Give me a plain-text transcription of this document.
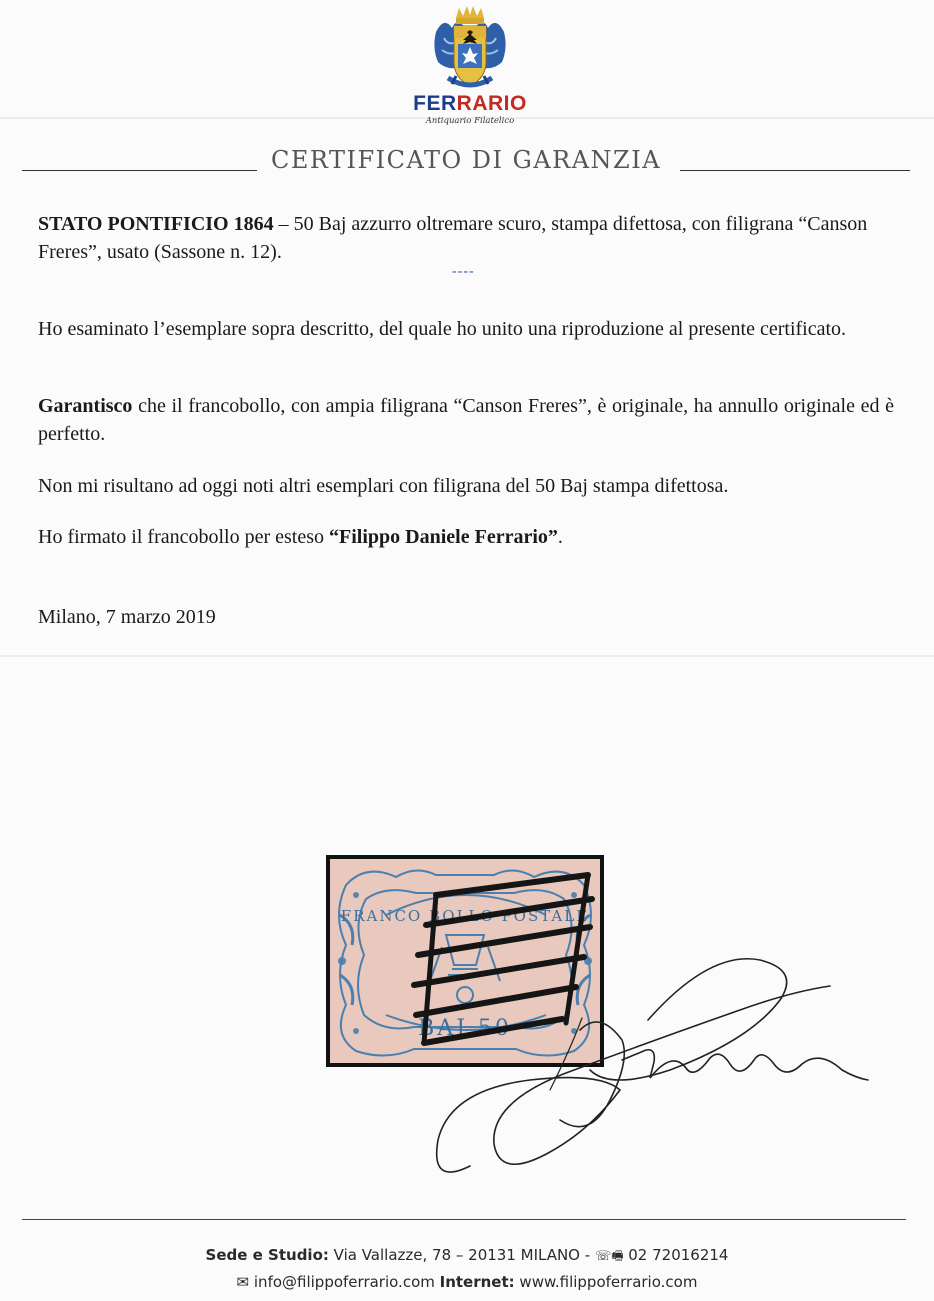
FERRARIO
Antiquario Filatelico
CERTIFICATO DI GARANZIA
STATO PONTIFICIO 1864 – 50 Baj azzurro oltremare scuro, stampa difettosa, con filigrana “Canson Freres”, usato (Sassone n. 12).
----
Ho esaminato l’esemplare sopra descritto, del quale ho unito una riproduzione al presente certificato.
Garantisco che il francobollo, con ampia filigrana “Canson Freres”, è originale, ha annullo originale ed è perfetto.
Non mi risultano ad oggi noti altri esemplari con filigrana del 50 Baj stampa difettosa.
Ho firmato il francobollo per esteso “Filippo Daniele Ferrario”.
Milano, 7 marzo 2019
FRANCO BOLLO POSTALE
BAJ 50
Sede e Studio: Via Vallazze, 78 – 20131 MILANO - ☏🖷 02 72016214
✉ info@filippoferrario.com Internet: www.filippoferrario.com
